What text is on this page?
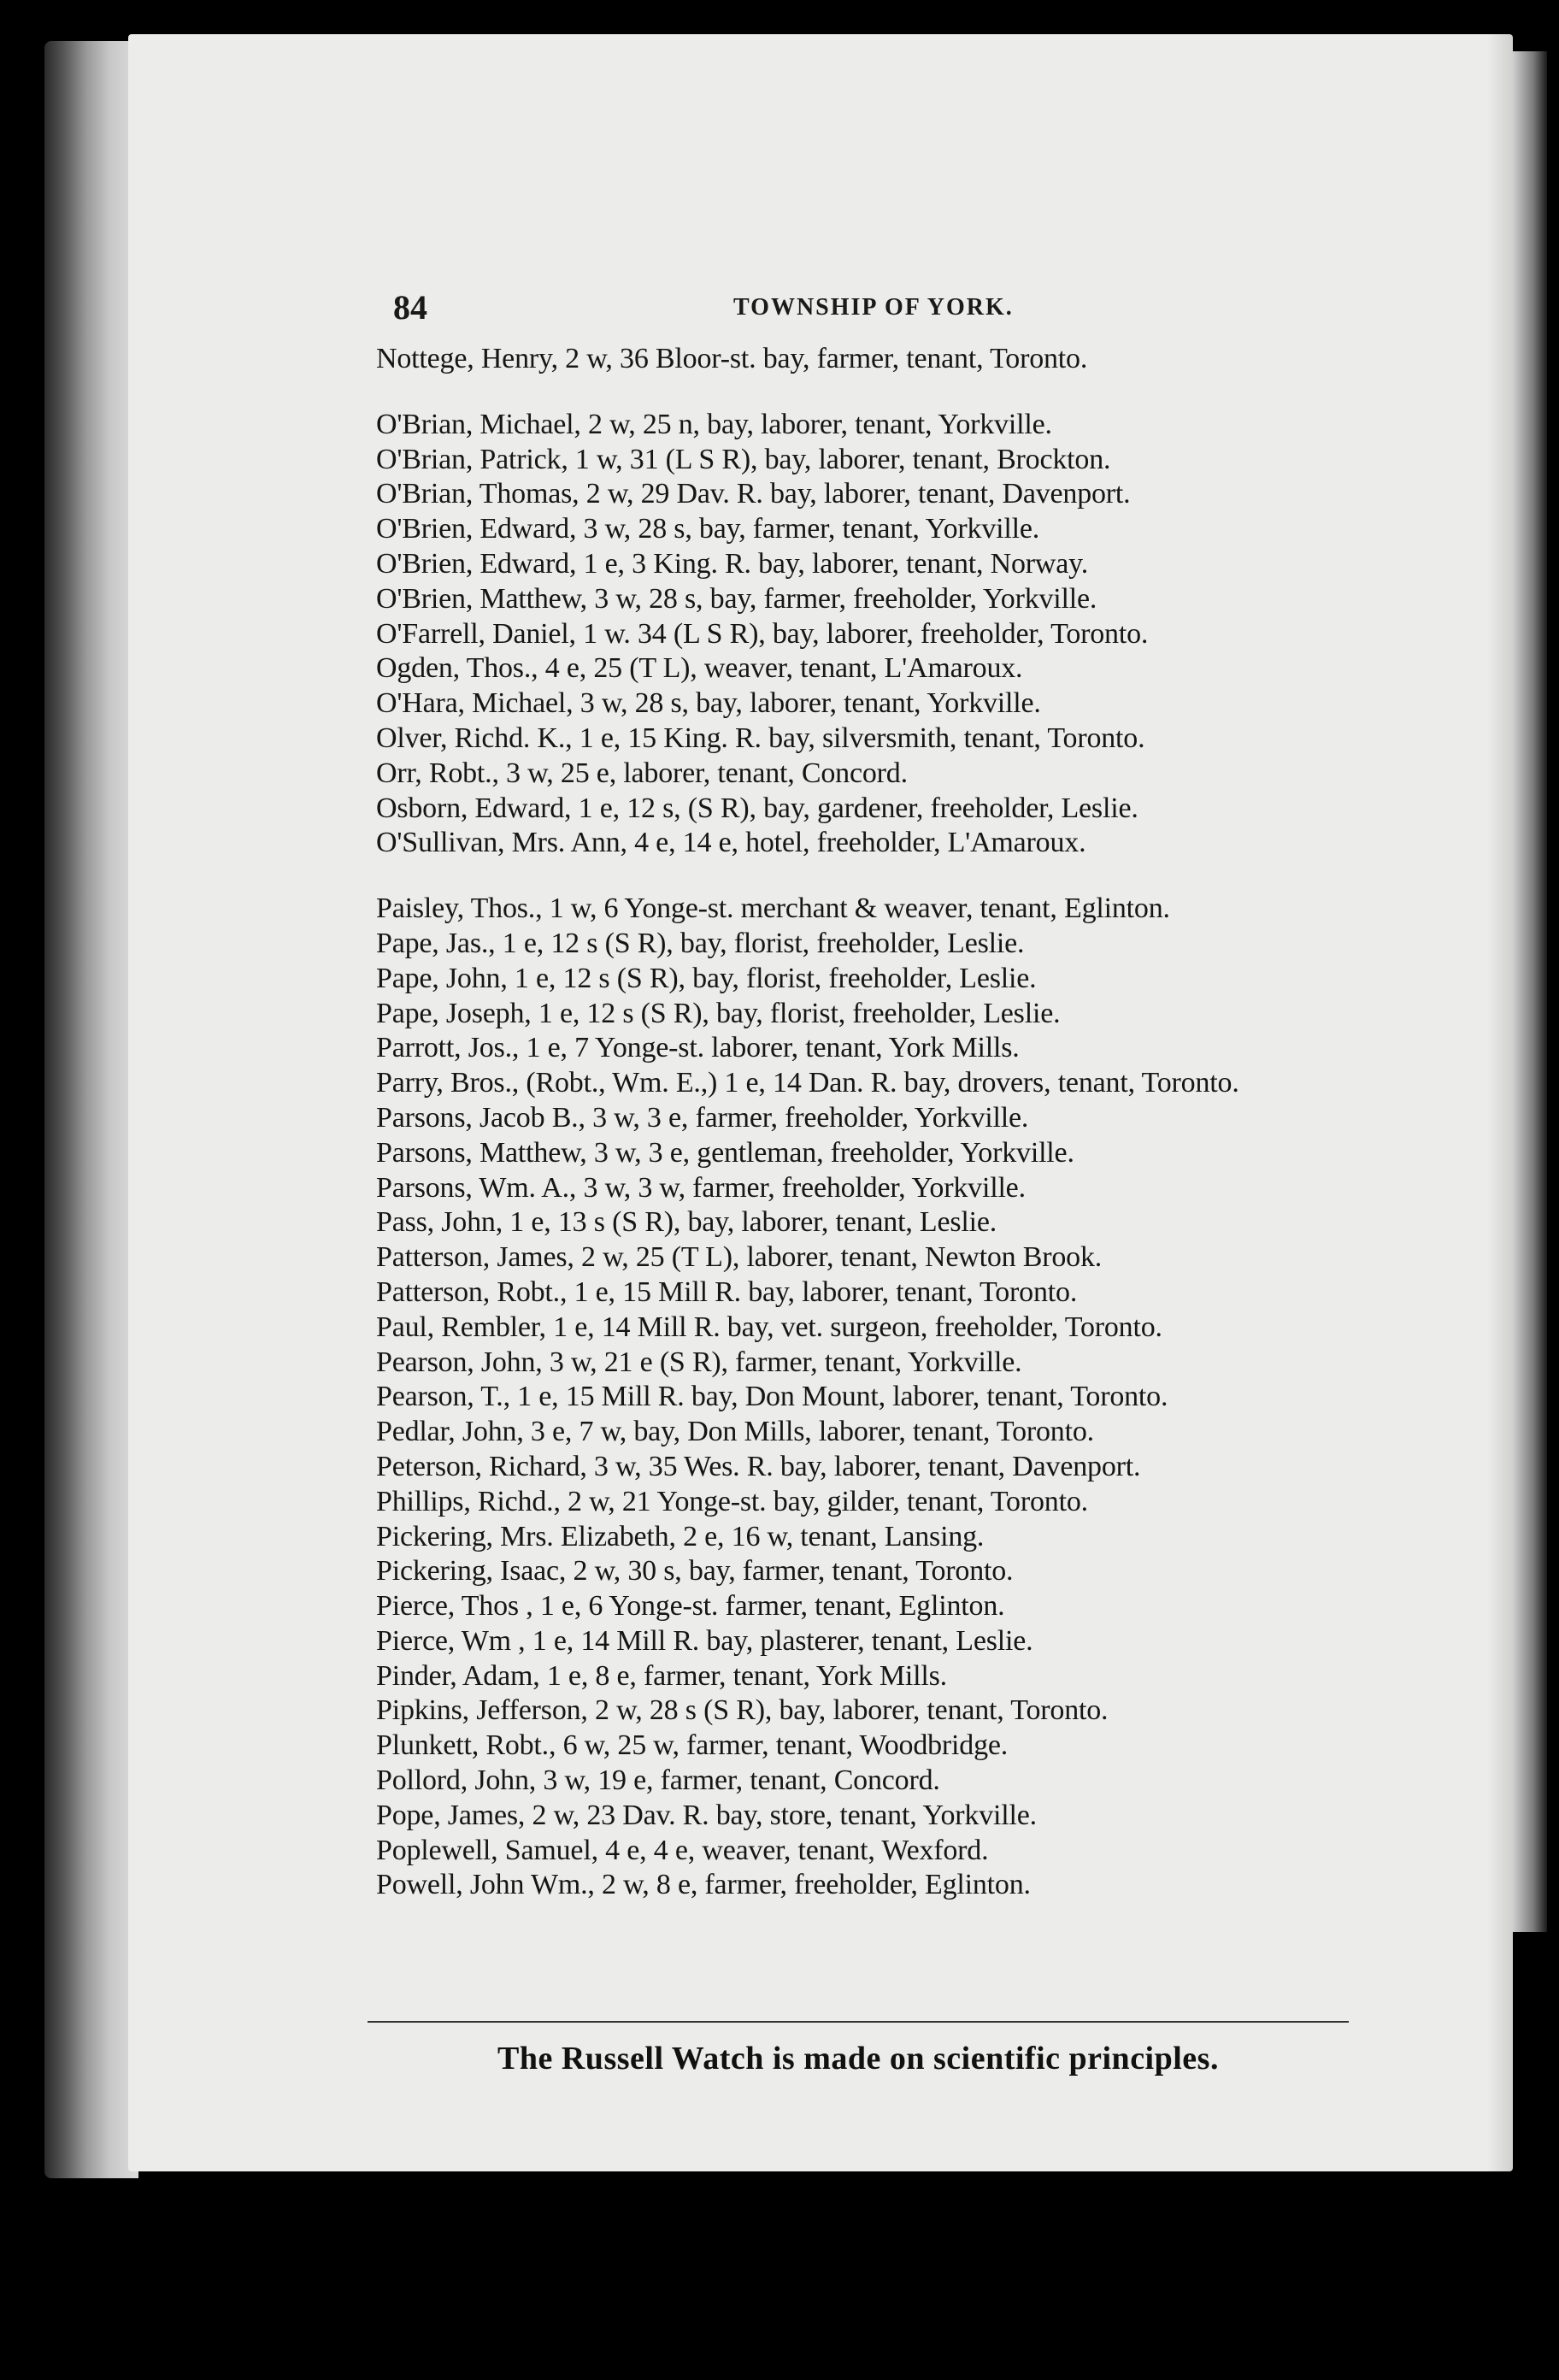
84	TOWNSHIP OF YORK.
Nottege, Henry, 2 w, 36 Bloor-st. bay, farmer, tenant, Toronto.
O'Brian, Michael, 2 w, 25 n, bay, laborer, tenant, Yorkville.
O'Brian, Patrick, 1 w, 31 (L S R), bay, laborer, tenant, Brockton.
O'Brian, Thomas, 2 w, 29 Dav. R. bay, laborer, tenant, Davenport.
O'Brien, Edward, 3 w, 28 s, bay, farmer, tenant, Yorkville.
O'Brien, Edward, 1 e, 3 King. R. bay, laborer, tenant, Norway.
O'Brien, Matthew, 3 w, 28 s, bay, farmer, freeholder, Yorkville.
O'Farrell, Daniel, 1 w. 34 (L S R), bay, laborer, freeholder, Toronto.
Ogden, Thos., 4 e, 25 (T L), weaver, tenant, L'Amaroux.
O'Hara, Michael, 3 w, 28 s, bay, laborer, tenant, Yorkville.
Olver, Richd. K., 1 e, 15 King. R. bay, silversmith, tenant, Toronto.
Orr, Robt., 3 w, 25 e, laborer, tenant, Concord.
Osborn, Edward, 1 e, 12 s, (S R), bay, gardener, freeholder, Leslie.
O'Sullivan, Mrs. Ann, 4 e, 14 e, hotel, freeholder, L'Amaroux.
Paisley, Thos., 1 w, 6 Yonge-st. merchant & weaver, tenant, Eglinton.
Pape, Jas., 1 e, 12 s (S R), bay, florist, freeholder, Leslie.
Pape, John, 1 e, 12 s (S R), bay, florist, freeholder, Leslie.
Pape, Joseph, 1 e, 12 s (S R), bay, florist, freeholder, Leslie.
Parrott, Jos., 1 e, 7 Yonge-st. laborer, tenant, York Mills.
Parry, Bros., (Robt., Wm. E.,) 1 e, 14 Dan. R. bay, drovers, tenant, Toronto.
Parsons, Jacob B., 3 w, 3 e, farmer, freeholder, Yorkville.
Parsons, Matthew, 3 w, 3 e, gentleman, freeholder, Yorkville.
Parsons, Wm. A., 3 w, 3 w, farmer, freeholder, Yorkville.
Pass, John, 1 e, 13 s (S R), bay, laborer, tenant, Leslie.
Patterson, James, 2 w, 25 (T L), laborer, tenant, Newton Brook.
Patterson, Robt., 1 e, 15 Mill R. bay, laborer, tenant, Toronto.
Paul, Rembler, 1 e, 14 Mill R. bay, vet. surgeon, freeholder, Toronto.
Pearson, John, 3 w, 21 e (S R), farmer, tenant, Yorkville.
Pearson, T., 1 e, 15 Mill R. bay, Don Mount, laborer, tenant, Toronto.
Pedlar, John, 3 e, 7 w, bay, Don Mills, laborer, tenant, Toronto.
Peterson, Richard, 3 w, 35 Wes. R. bay, laborer, tenant, Davenport.
Phillips, Richd., 2 w, 21 Yonge-st. bay, gilder, tenant, Toronto.
Pickering, Mrs. Elizabeth, 2 e, 16 w, tenant, Lansing.
Pickering, Isaac, 2 w, 30 s, bay, farmer, tenant, Toronto.
Pierce, Thos , 1 e, 6 Yonge-st. farmer, tenant, Eglinton.
Pierce, Wm , 1 e, 14 Mill R. bay, plasterer, tenant, Leslie.
Pinder, Adam, 1 e, 8 e, farmer, tenant, York Mills.
Pipkins, Jefferson, 2 w, 28 s (S R), bay, laborer, tenant, Toronto.
Plunkett, Robt., 6 w, 25 w, farmer, tenant, Woodbridge.
Pollord, John, 3 w, 19 e, farmer, tenant, Concord.
Pope, James, 2 w, 23 Dav. R. bay, store, tenant, Yorkville.
Poplewell, Samuel, 4 e, 4 e, weaver, tenant, Wexford.
Powell, John Wm., 2 w, 8 e, farmer, freeholder, Eglinton.
The Russell Watch is made on scientific principles.
